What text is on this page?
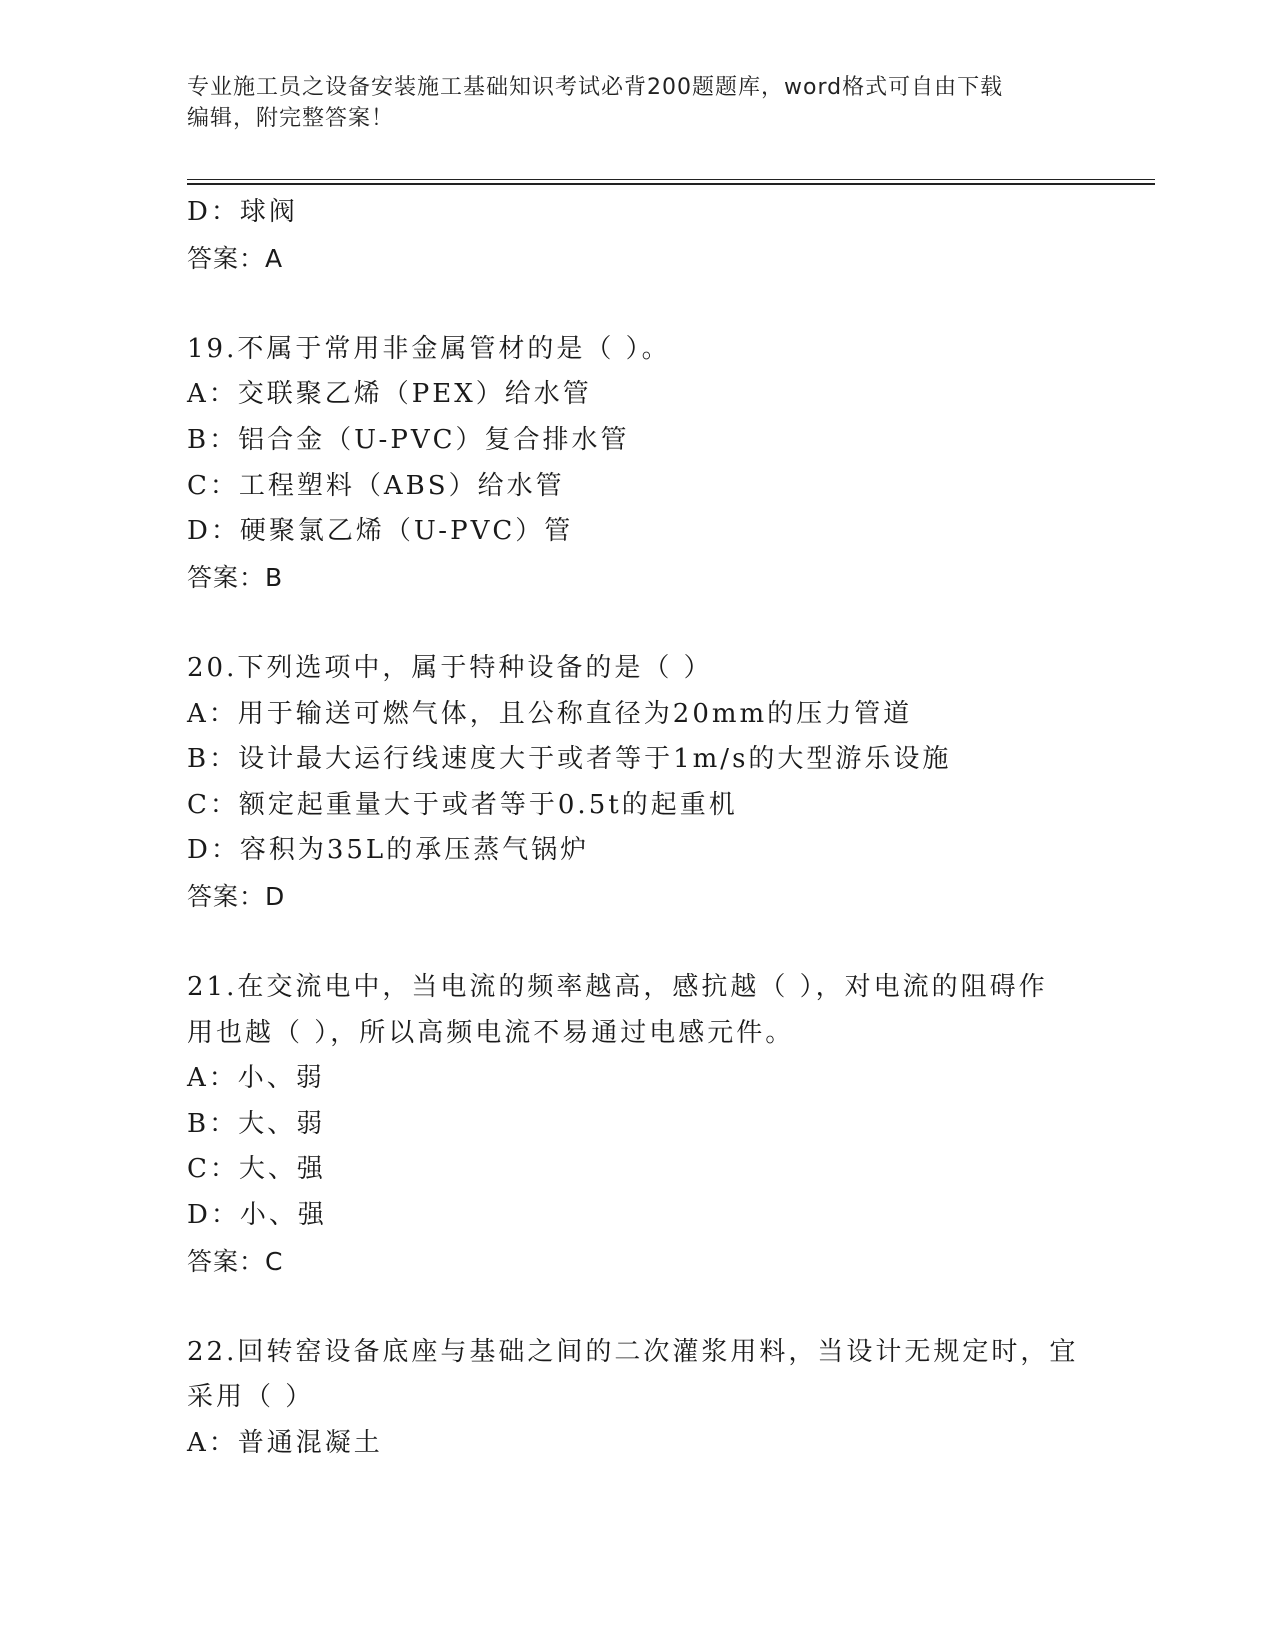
专业施工员之设备安装施工基础知识考试必背200题题库，word格式可自由下载
编辑，附完整答案！
D：球阀
答案：A
19.不属于常用非金属管材的是（ ）。
A：交联聚乙烯（PEX）给水管
B：铝合金（U-PVC）复合排水管
C：工程塑料（ABS）给水管
D：硬聚氯乙烯（U-PVC）管
答案：B
20.下列选项中，属于特种设备的是（ ）
A：用于输送可燃气体，且公称直径为20mm的压力管道
B：设计最大运行线速度大于或者等于1m/s的大型游乐设施
C：额定起重量大于或者等于0.5t的起重机
D：容积为35L的承压蒸气锅炉
答案：D
21.在交流电中，当电流的频率越高，感抗越（ ），对电流的阻碍作
用也越（ ），所以高频电流不易通过电感元件。
A：小、弱
B：大、弱
C：大、强
D：小、强
答案：C
22.回转窑设备底座与基础之间的二次灌浆用料，当设计无规定时，宜
采用（ ）
A：普通混凝土
